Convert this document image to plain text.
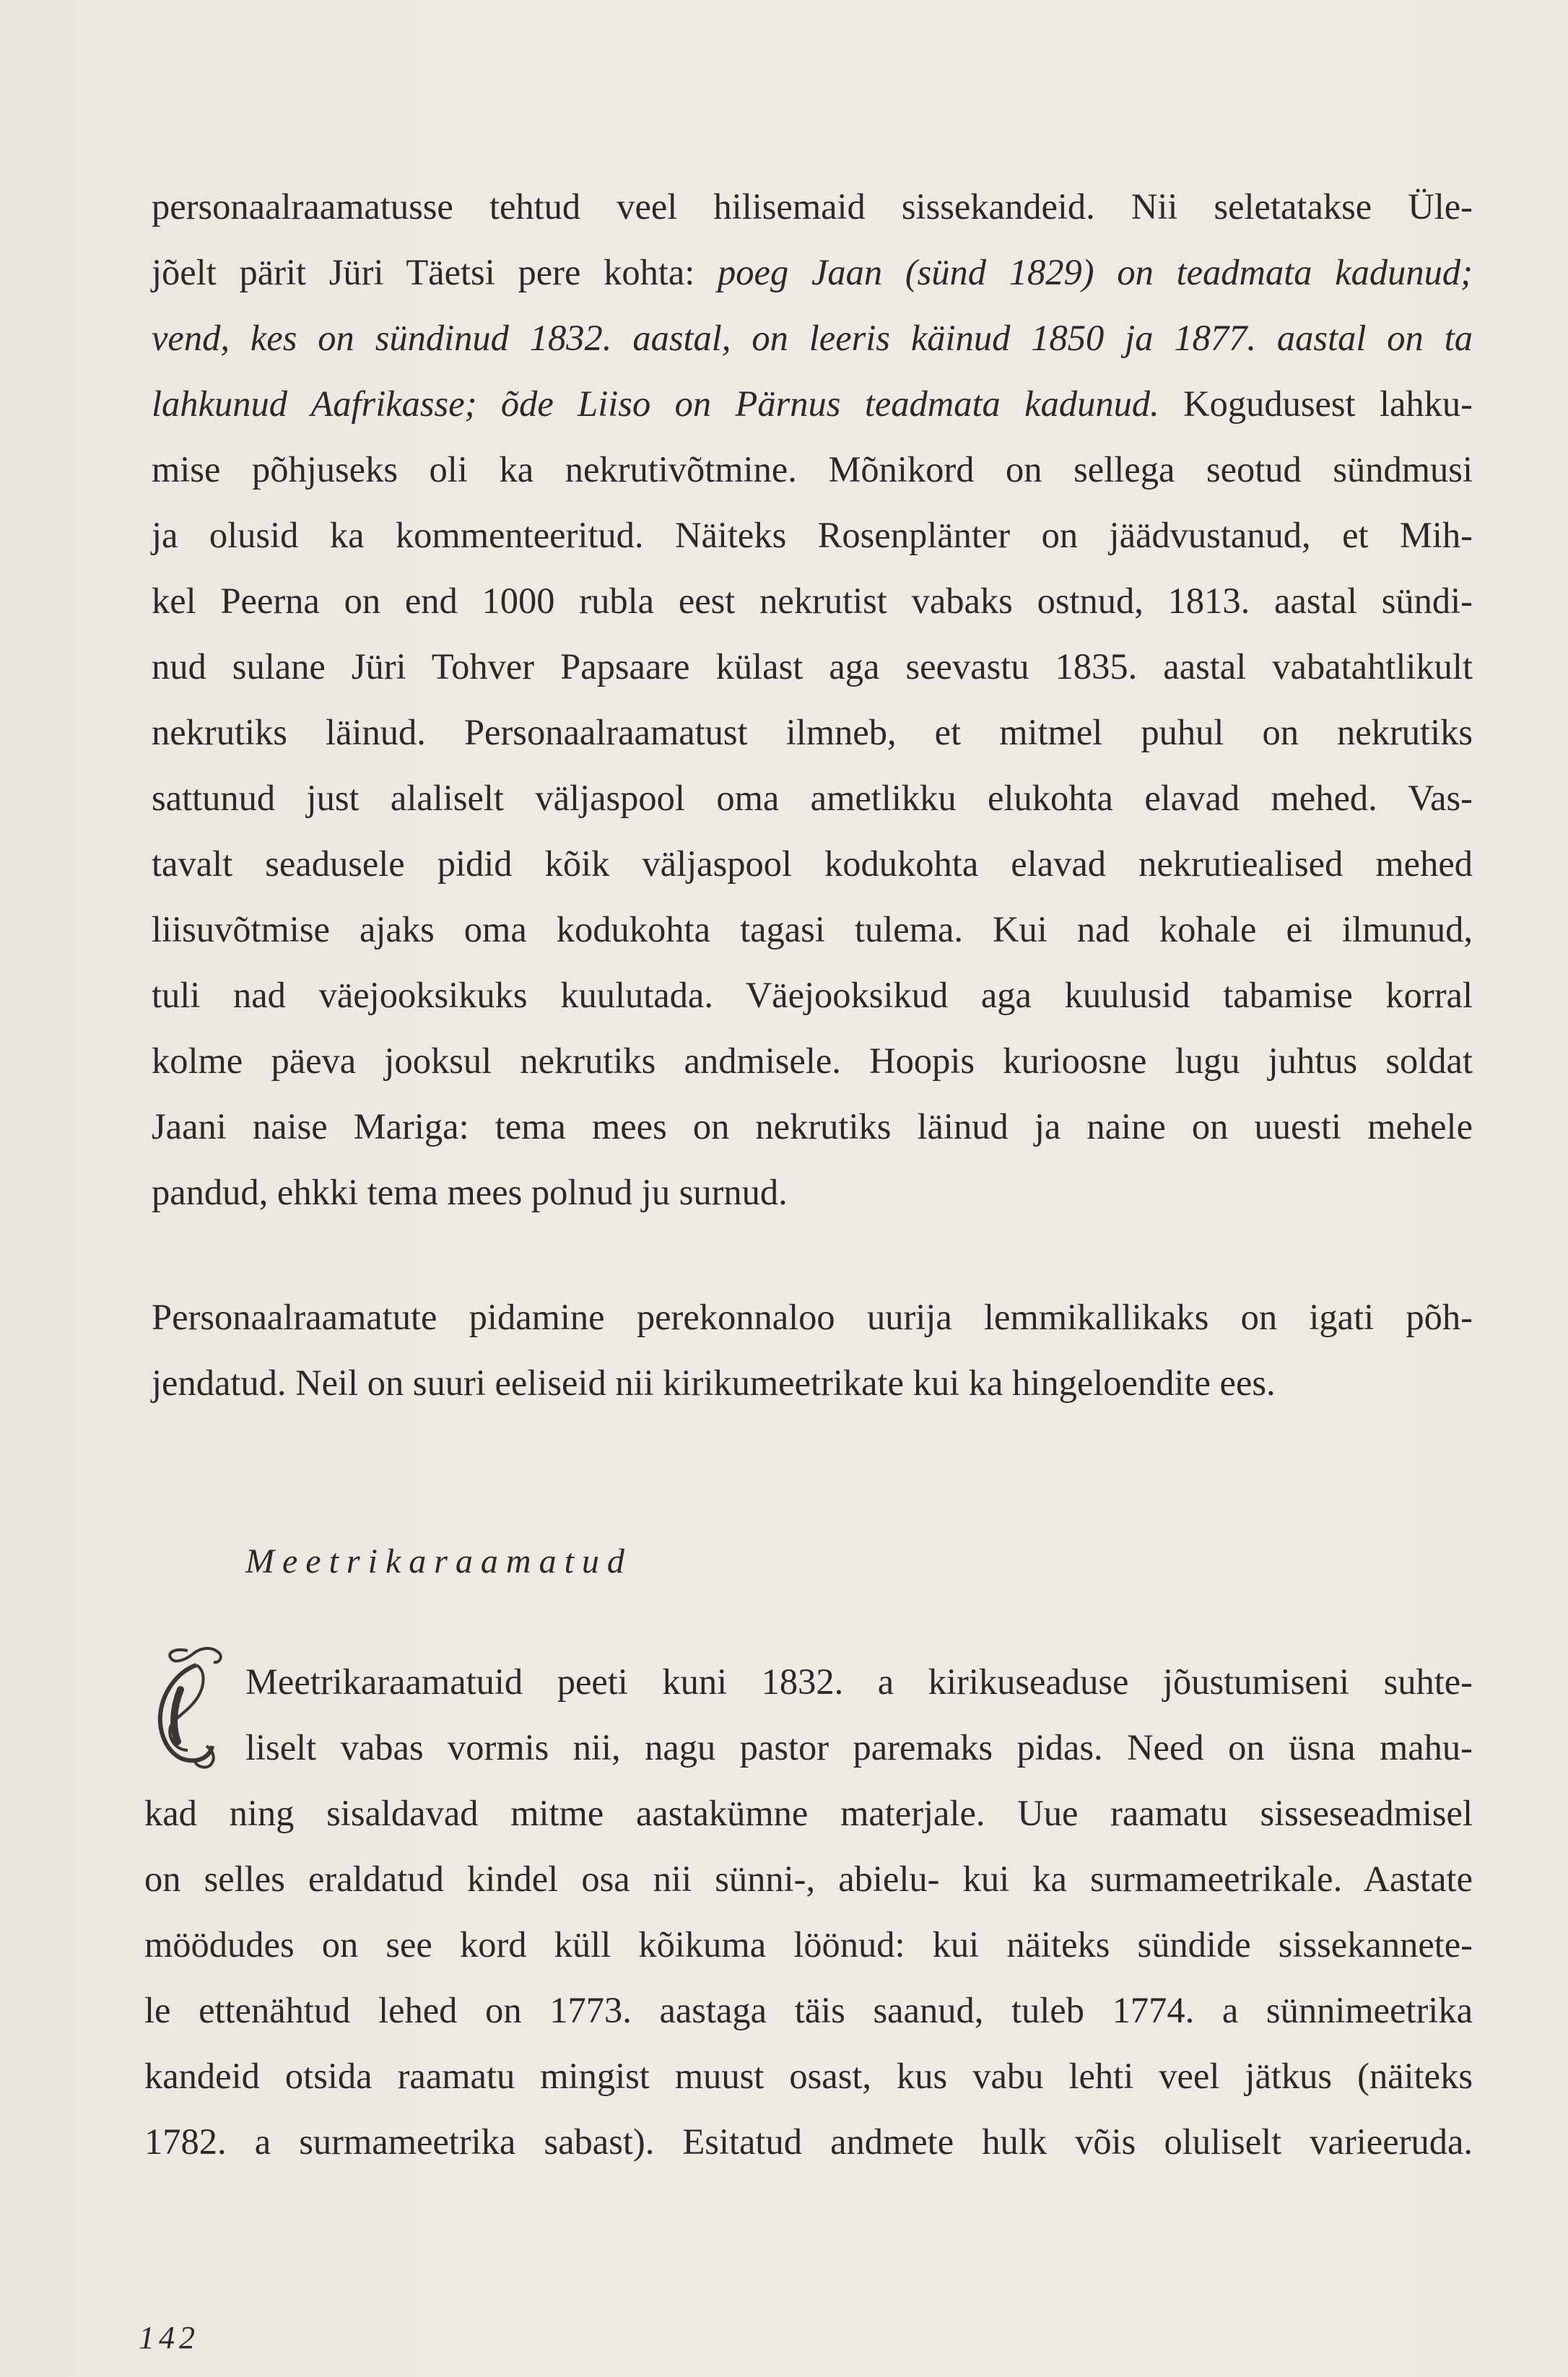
personaalraamatusse tehtud veel hilisemaid sissekandeid. Nii seletatakse Üle-
jõelt pärit Jüri Täetsi pere kohta: poeg Jaan (sünd 1829) on teadmata kadunud;
vend, kes on sündinud 1832. aastal, on leeris käinud 1850 ja 1877. aastal on ta
lahkunud Aafrikasse; õde Liiso on Pärnus teadmata kadunud. Kogudusest lahku-
mise põhjuseks oli ka nekrutivõtmine. Mõnikord on sellega seotud sündmusi
ja olusid ka kommenteeritud. Näiteks Rosenplänter on jäädvustanud, et Mih-
kel Peerna on end 1000 rubla eest nekrutist vabaks ostnud, 1813. aastal sündi-
nud sulane Jüri Tohver Papsaare külast aga seevastu 1835. aastal vabatahtlikult
nekrutiks läinud. Personaalraamatust ilmneb, et mitmel puhul on nekrutiks
sattunud just alaliselt väljaspool oma ametlikku elukohta elavad mehed. Vas-
tavalt seadusele pidid kõik väljaspool kodukohta elavad nekrutiealised mehed
liisuvõtmise ajaks oma kodukohta tagasi tulema. Kui nad kohale ei ilmunud,
tuli nad väejooksikuks kuulutada. Väejooksikud aga kuulusid tabamise korral
kolme päeva jooksul nekrutiks andmisele. Hoopis kurioosne lugu juhtus soldat
Jaani naise Mariga: tema mees on nekrutiks läinud ja naine on uuesti mehele
pandud, ehkki tema mees polnud ju surnud.
Personaalraamatute pidamine perekonnaloo uurija lemmikallikaks on igati põh-
jendatud. Neil on suuri eeliseid nii kirikumeetrikate kui ka hingeloendite ees.
Meetrikaraamatud
Meetrikaraamatuid peeti kuni 1832. a kirikuseaduse jõustumiseni suhte-
liselt vabas vormis nii, nagu pastor paremaks pidas. Need on üsna mahu-
kad ning sisaldavad mitme aastakümne materjale. Uue raamatu sisseseadmisel
on selles eraldatud kindel osa nii sünni-, abielu- kui ka surmameetrikale. Aastate
möödudes on see kord küll kõikuma löönud: kui näiteks sündide sissekannete-
le ettenähtud lehed on 1773. aastaga täis saanud, tuleb 1774. a sünnimeetrika
kandeid otsida raamatu mingist muust osast, kus vabu lehti veel jätkus (näiteks
1782. a surmameetrika sabast). Esitatud andmete hulk võis oluliselt varieeruda.
142
